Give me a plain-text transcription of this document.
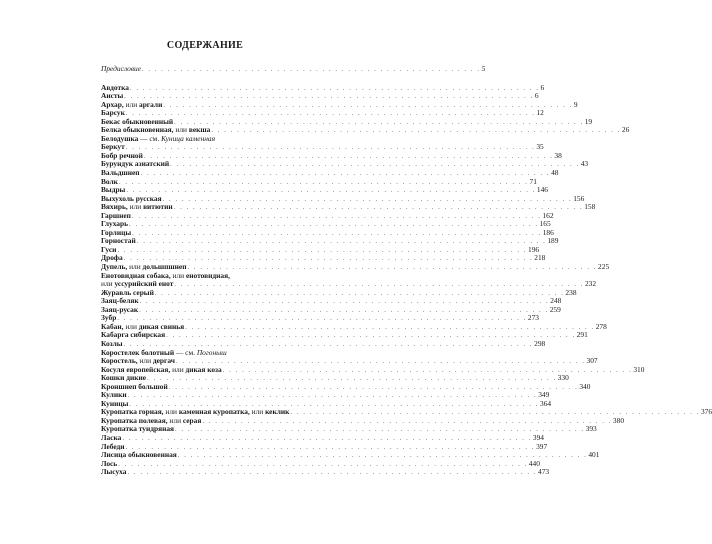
СОДЕРЖАНИЕ
Предисловие . . . . . . . . . . . . . . . . . . . . . . . . . . . . . . . . . . . . . . . . . . . . . . . . . . . . . 5
Авдотка . . . . . . . . . . . . . . . . . . . . . . . . . . . . . . . . . . . . . . . . . . . . . . . . . . . . . . . . . . . . . . . . 6
Аисты . . . . . . . . . . . . . . . . . . . . . . . . . . . . . . . . . . . . . . . . . . . . . . . . . . . . . . . . . . . . . . . . 6
Архар, или аргали . . . . . . . . . . . . . . . . . . . . . . . . . . . . . . . . . . . . . . . . . . . . . . . . . . . . . . . . . . . . . . . . 9
Барсук . . . . . . . . . . . . . . . . . . . . . . . . . . . . . . . . . . . . . . . . . . . . . . . . . . . . . . . . . . . . . . . . 12
Бекас обыкновенный . . . . . . . . . . . . . . . . . . . . . . . . . . . . . . . . . . . . . . . . . . . . . . . . . . . . . . . . . . . . . . . . 19
Белка обыкновенная, или векша . . . . . . . . . . . . . . . . . . . . . . . . . . . . . . . . . . . . . . . . . . . . . . . . . . . . . . . . . . . . . . . . 26
Белодушка — см. Куница каменная
Беркут . . . . . . . . . . . . . . . . . . . . . . . . . . . . . . . . . . . . . . . . . . . . . . . . . . . . . . . . . . . . . . . . 35
Бобр речной . . . . . . . . . . . . . . . . . . . . . . . . . . . . . . . . . . . . . . . . . . . . . . . . . . . . . . . . . . . . . . . . 38
Бурундук азиатский . . . . . . . . . . . . . . . . . . . . . . . . . . . . . . . . . . . . . . . . . . . . . . . . . . . . . . . . . . . . . . . . 43
Вальдшнеп . . . . . . . . . . . . . . . . . . . . . . . . . . . . . . . . . . . . . . . . . . . . . . . . . . . . . . . . . . . . . . . . 48
Волк . . . . . . . . . . . . . . . . . . . . . . . . . . . . . . . . . . . . . . . . . . . . . . . . . . . . . . . . . . . . . . . . 71
Выдры . . . . . . . . . . . . . . . . . . . . . . . . . . . . . . . . . . . . . . . . . . . . . . . . . . . . . . . . . . . . . . . . 146
Выхухоль русская . . . . . . . . . . . . . . . . . . . . . . . . . . . . . . . . . . . . . . . . . . . . . . . . . . . . . . . . . . . . . . . . 156
Вяхирь, или витютин . . . . . . . . . . . . . . . . . . . . . . . . . . . . . . . . . . . . . . . . . . . . . . . . . . . . . . . . . . . . . . . . 158
Гаршнеп . . . . . . . . . . . . . . . . . . . . . . . . . . . . . . . . . . . . . . . . . . . . . . . . . . . . . . . . . . . . . . . . 162
Глухарь . . . . . . . . . . . . . . . . . . . . . . . . . . . . . . . . . . . . . . . . . . . . . . . . . . . . . . . . . . . . . . . . 165
Горлицы . . . . . . . . . . . . . . . . . . . . . . . . . . . . . . . . . . . . . . . . . . . . . . . . . . . . . . . . . . . . . . . . 186
Горностай . . . . . . . . . . . . . . . . . . . . . . . . . . . . . . . . . . . . . . . . . . . . . . . . . . . . . . . . . . . . . . . . 189
Гуси . . . . . . . . . . . . . . . . . . . . . . . . . . . . . . . . . . . . . . . . . . . . . . . . . . . . . . . . . . . . . . . . 196
Дрофа . . . . . . . . . . . . . . . . . . . . . . . . . . . . . . . . . . . . . . . . . . . . . . . . . . . . . . . . . . . . . . . . 218
Дупель, или дольшпшнеп . . . . . . . . . . . . . . . . . . . . . . . . . . . . . . . . . . . . . . . . . . . . . . . . . . . . . . . . . . . . . . . . 225
Енотовидная собака, или енотовидная,
или уссурийский енот . . . . . . . . . . . . . . . . . . . . . . . . . . . . . . . . . . . . . . . . . . . . . . . . . . . . . . . . . . . . . . . . 232
Журавль серый . . . . . . . . . . . . . . . . . . . . . . . . . . . . . . . . . . . . . . . . . . . . . . . . . . . . . . . . . . . . . . . . 238
Заяц-беляк . . . . . . . . . . . . . . . . . . . . . . . . . . . . . . . . . . . . . . . . . . . . . . . . . . . . . . . . . . . . . . . . 248
Заяц-русак . . . . . . . . . . . . . . . . . . . . . . . . . . . . . . . . . . . . . . . . . . . . . . . . . . . . . . . . . . . . . . . . 259
Зубр . . . . . . . . . . . . . . . . . . . . . . . . . . . . . . . . . . . . . . . . . . . . . . . . . . . . . . . . . . . . . . . . 273
Кабан, или дикая свинья . . . . . . . . . . . . . . . . . . . . . . . . . . . . . . . . . . . . . . . . . . . . . . . . . . . . . . . . . . . . . . . . 278
Кабарга сибирская . . . . . . . . . . . . . . . . . . . . . . . . . . . . . . . . . . . . . . . . . . . . . . . . . . . . . . . . . . . . . . . . 291
Козлы . . . . . . . . . . . . . . . . . . . . . . . . . . . . . . . . . . . . . . . . . . . . . . . . . . . . . . . . . . . . . . . . 298
Коростелек болотный — см. Погоныш
Коростель, или дергач . . . . . . . . . . . . . . . . . . . . . . . . . . . . . . . . . . . . . . . . . . . . . . . . . . . . . . . . . . . . . . . . 307
Косуля европейская, или дикая коза . . . . . . . . . . . . . . . . . . . . . . . . . . . . . . . . . . . . . . . . . . . . . . . . . . . . . . . . . . . . . . . . 310
Кошки дикие . . . . . . . . . . . . . . . . . . . . . . . . . . . . . . . . . . . . . . . . . . . . . . . . . . . . . . . . . . . . . . . . 330
Кроншнеп большой . . . . . . . . . . . . . . . . . . . . . . . . . . . . . . . . . . . . . . . . . . . . . . . . . . . . . . . . . . . . . . . . 340
Кулики . . . . . . . . . . . . . . . . . . . . . . . . . . . . . . . . . . . . . . . . . . . . . . . . . . . . . . . . . . . . . . . . 349
Куницы . . . . . . . . . . . . . . . . . . . . . . . . . . . . . . . . . . . . . . . . . . . . . . . . . . . . . . . . . . . . . . . . 364
Куропатка горная, или каменная куропатка, или кеклик . . . . . . . . . . . . . . . . . . . . . . . . . . . . . . . . . . . . . . . . . . . . . . . . . . . . . . . . . . . . . . . . 376
Куропатка полевая, или серая . . . . . . . . . . . . . . . . . . . . . . . . . . . . . . . . . . . . . . . . . . . . . . . . . . . . . . . . . . . . . . . . 380
Куропатка тундряная . . . . . . . . . . . . . . . . . . . . . . . . . . . . . . . . . . . . . . . . . . . . . . . . . . . . . . . . . . . . . . . . 393
Ласка . . . . . . . . . . . . . . . . . . . . . . . . . . . . . . . . . . . . . . . . . . . . . . . . . . . . . . . . . . . . . . . . 394
Лебеди . . . . . . . . . . . . . . . . . . . . . . . . . . . . . . . . . . . . . . . . . . . . . . . . . . . . . . . . . . . . . . . . 397
Лисица обыкновенная . . . . . . . . . . . . . . . . . . . . . . . . . . . . . . . . . . . . . . . . . . . . . . . . . . . . . . . . . . . . . . . . 401
Лось . . . . . . . . . . . . . . . . . . . . . . . . . . . . . . . . . . . . . . . . . . . . . . . . . . . . . . . . . . . . . . . . 440
Лысуха . . . . . . . . . . . . . . . . . . . . . . . . . . . . . . . . . . . . . . . . . . . . . . . . . . . . . . . . . . . . . . . . 473
